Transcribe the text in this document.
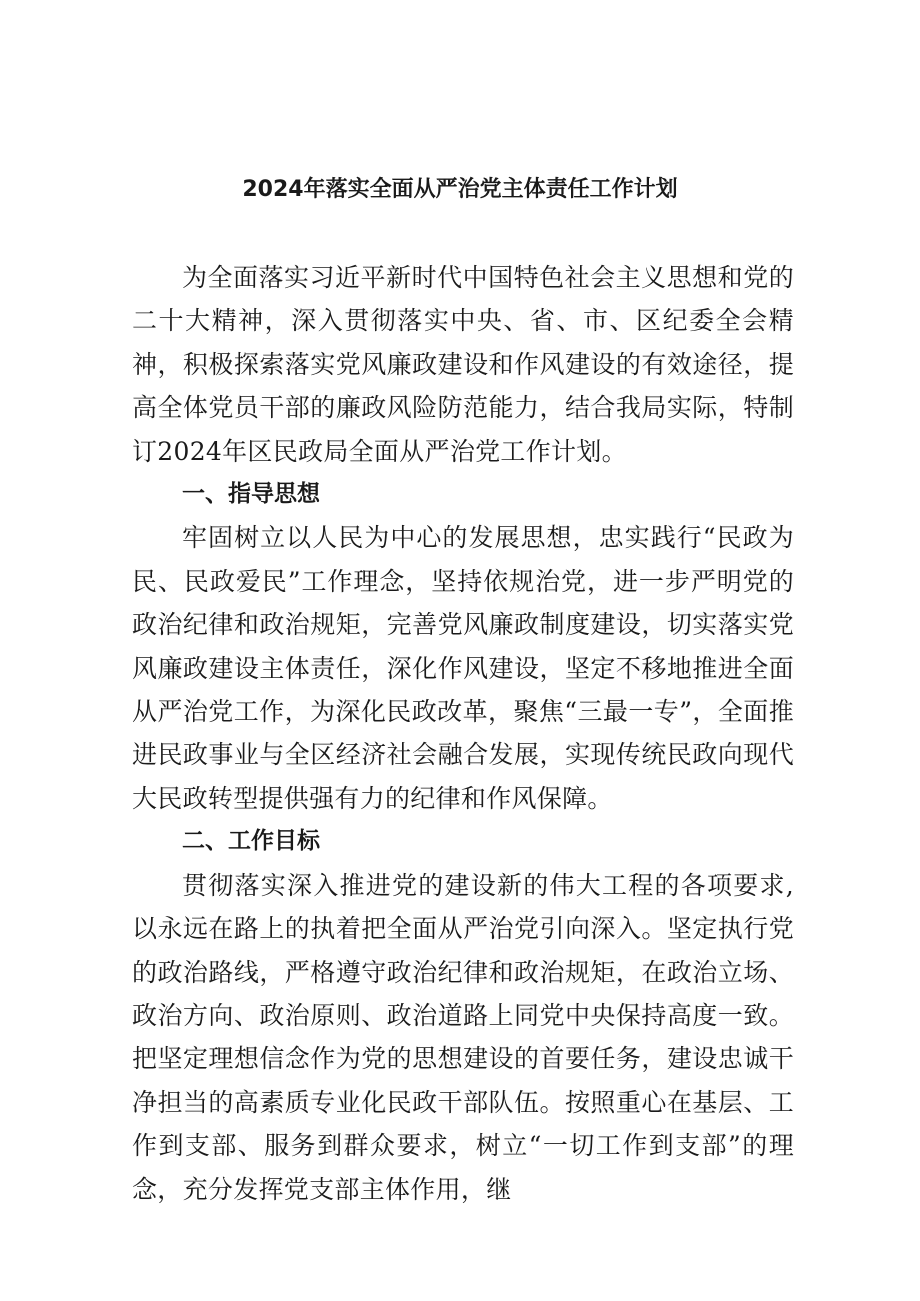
2024年落实全面从严治党主体责任工作计划

为全面落实习近平新时代中国特色社会主义思想和党的二十大精神，深入贯彻落实中央、省、市、区纪委全会精神，积极探索落实党风廉政建设和作风建设的有效途径，提高全体党员干部的廉政风险防范能力，结合我局实际，特制订2024年区民政局全面从严治党工作计划。

一、指导思想

牢固树立以人民为中心的发展思想，忠实践行“民政为民、民政爱民”工作理念，坚持依规治党，进一步严明党的政治纪律和政治规矩，完善党风廉政制度建设，切实落实党风廉政建设主体责任，深化作风建设，坚定不移地推进全面从严治党工作，为深化民政改革，聚焦“三最一专”，全面推进民政事业与全区经济社会融合发展，实现传统民政向现代大民政转型提供强有力的纪律和作风保障。

二、工作目标

贯彻落实深入推进党的建设新的伟大工程的各项要求,以永远在路上的执着把全面从严治党引向深入。坚定执行党的政治路线，严格遵守政治纪律和政治规矩，在政治立场、政治方向、政治原则、政治道路上同党中央保持高度一致。把坚定理想信念作为党的思想建设的首要任务，建设忠诚干净担当的高素质专业化民政干部队伍。按照重心在基层、工作到支部、服务到群众要求，树立“一切工作到支部”的理念，充分发挥党支部主体作用，继
